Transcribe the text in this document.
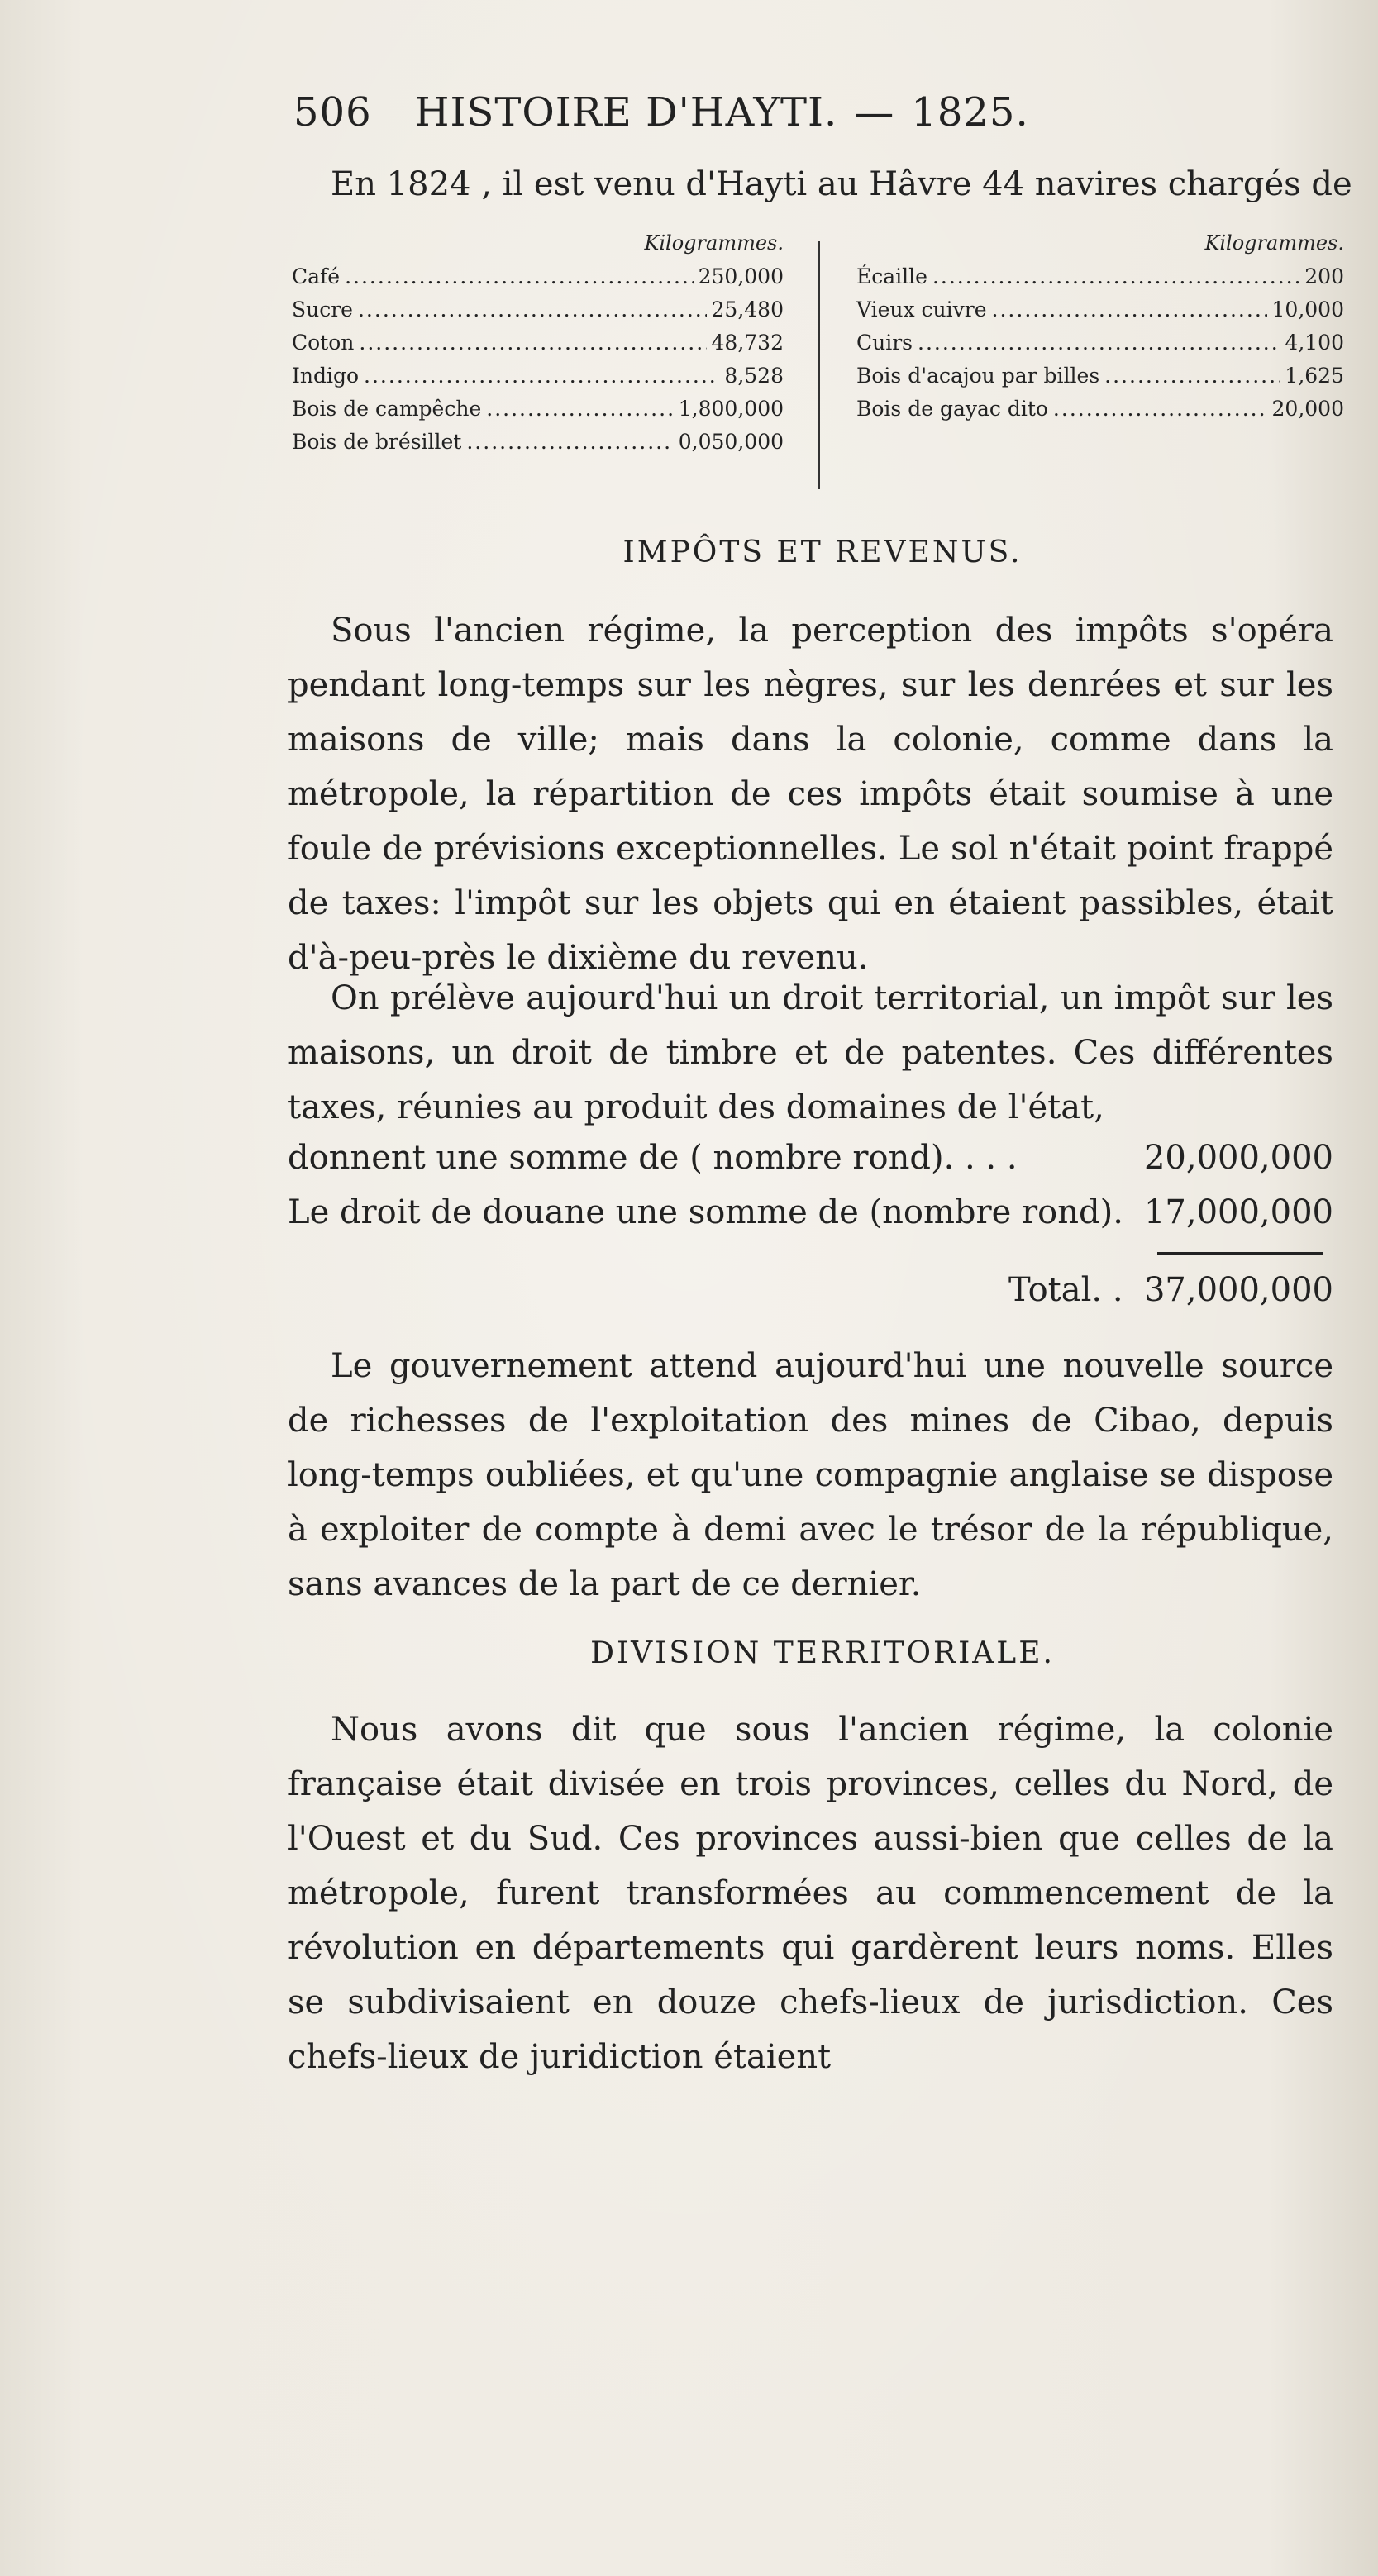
506 HISTOIRE D'HAYTI. — 1825.
En 1824 , il est venu d'Hayti au Hâvre 44 navires chargés de
Kilogrammes.
Café .....	250,000
Sucre .....	25,480
Coton .....	48,732
Indigo .....	8,528
Bois de campêche .....	1,800,000
Bois de brésillet .....	0,050,000
Kilogrammes.
Écaille .....	200
Vieux cuivre .....	10,000
Cuirs .....	4,100
Bois d'acajou par billes .....	1,625
Bois de gayac dito .....	20,000
IMPÔTS ET REVENUS.

Sous l'ancien régime, la perception des impôts s'opéra pendant long-temps sur les nègres, sur les denrées et sur les maisons de ville; mais dans la colonie, comme dans la métropole, la répartition de ces impôts était soumise à une foule de prévisions exceptionnelles. Le sol n'était point frappé de taxes: l'impôt sur les objets qui en étaient passibles, était d'à-peu-près le dixième du revenu.

On prélève aujourd'hui un droit territorial, un impôt sur les maisons, un droit de timbre et de patentes. Ces différentes taxes, réunies au produit des domaines de l'état,

donnent une somme de ( nombre rond). . . .	20,000,000
Le droit de douane une somme de (nombre rond). 17,000,000
Total. . 37,000,000

Le gouvernement attend aujourd'hui une nouvelle source de richesses de l'exploitation des mines de Cibao, depuis long-temps oubliées, et qu'une compagnie anglaise se dispose à exploiter de compte à demi avec le trésor de la république, sans avances de la part de ce dernier.

DIVISION TERRITORIALE.

Nous avons dit que sous l'ancien régime, la colonie française était divisée en trois provinces, celles du Nord, de l'Ouest et du Sud. Ces provinces aussi-bien que celles de la métropole, furent transformées au commencement de la révolution en départements qui gardèrent leurs noms. Elles se subdivisaient en douze chefs-lieux de jurisdiction. Ces chefs-lieux de juridiction étaient
